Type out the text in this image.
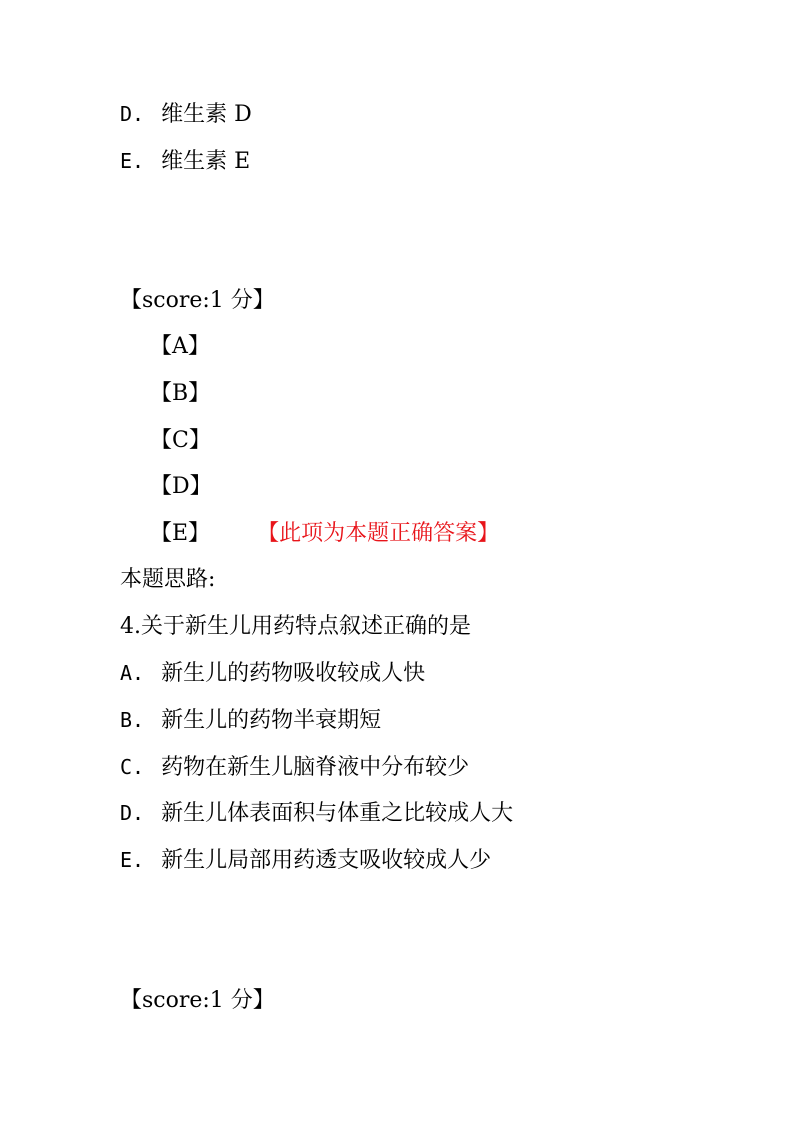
D. 维生素 D
E. 维生素 E
【score:1 分】
【A】
【B】
【C】
【D】
【E】 【此项为本题正确答案】
本题思路:
4.关于新生儿用药特点叙述正确的是
A. 新生儿的药物吸收较成人快
B. 新生儿的药物半衰期短
C. 药物在新生儿脑脊液中分布较少
D. 新生儿体表面积与体重之比较成人大
E. 新生儿局部用药透支吸收较成人少
【score:1 分】
